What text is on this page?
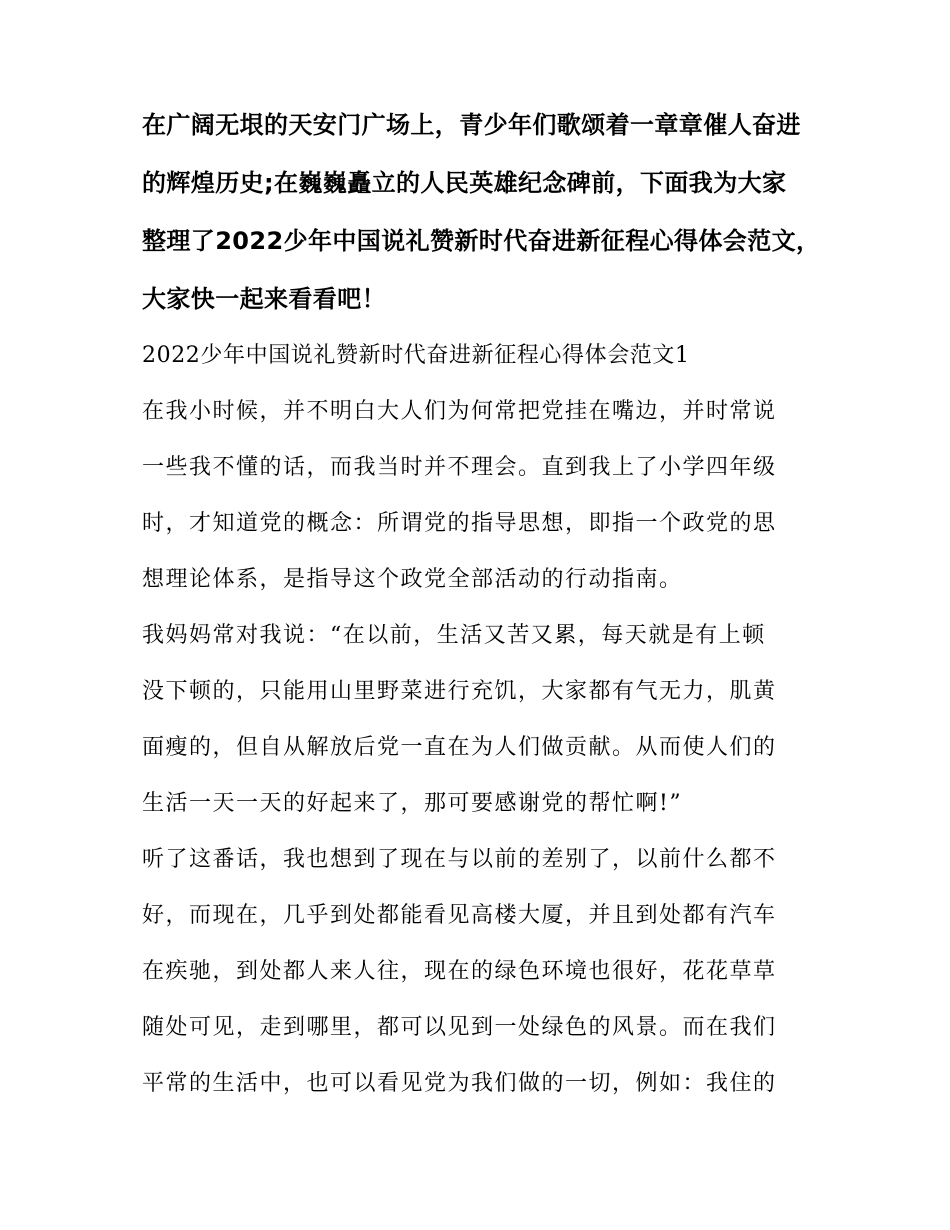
在广阔无垠的天安门广场上，青少年们歌颂着一章章催人奋进
的辉煌历史;在巍巍矗立的人民英雄纪念碑前，下面我为大家
整理了2022少年中国说礼赞新时代奋进新征程心得体会范文，
大家快一起来看看吧！

2022少年中国说礼赞新时代奋进新征程心得体会范文1

在我小时候，并不明白大人们为何常把党挂在嘴边，并时常说
一些我不懂的话，而我当时并不理会。直到我上了小学四年级
时，才知道党的概念：所谓党的指导思想，即指一个政党的思
想理论体系，是指导这个政党全部活动的行动指南。

我妈妈常对我说：“在以前，生活又苦又累，每天就是有上顿
没下顿的，只能用山里野菜进行充饥，大家都有气无力，肌黄
面瘦的，但自从解放后党一直在为人们做贡献。从而使人们的
生活一天一天的好起来了，那可要感谢党的帮忙啊!”

听了这番话，我也想到了现在与以前的差别了，以前什么都不
好，而现在，几乎到处都能看见高楼大厦，并且到处都有汽车
在疾驰，到处都人来人往，现在的绿色环境也很好，花花草草
随处可见，走到哪里，都可以见到一处绿色的风景。而在我们
平常的生活中，也可以看见党为我们做的一切，例如：我住的
